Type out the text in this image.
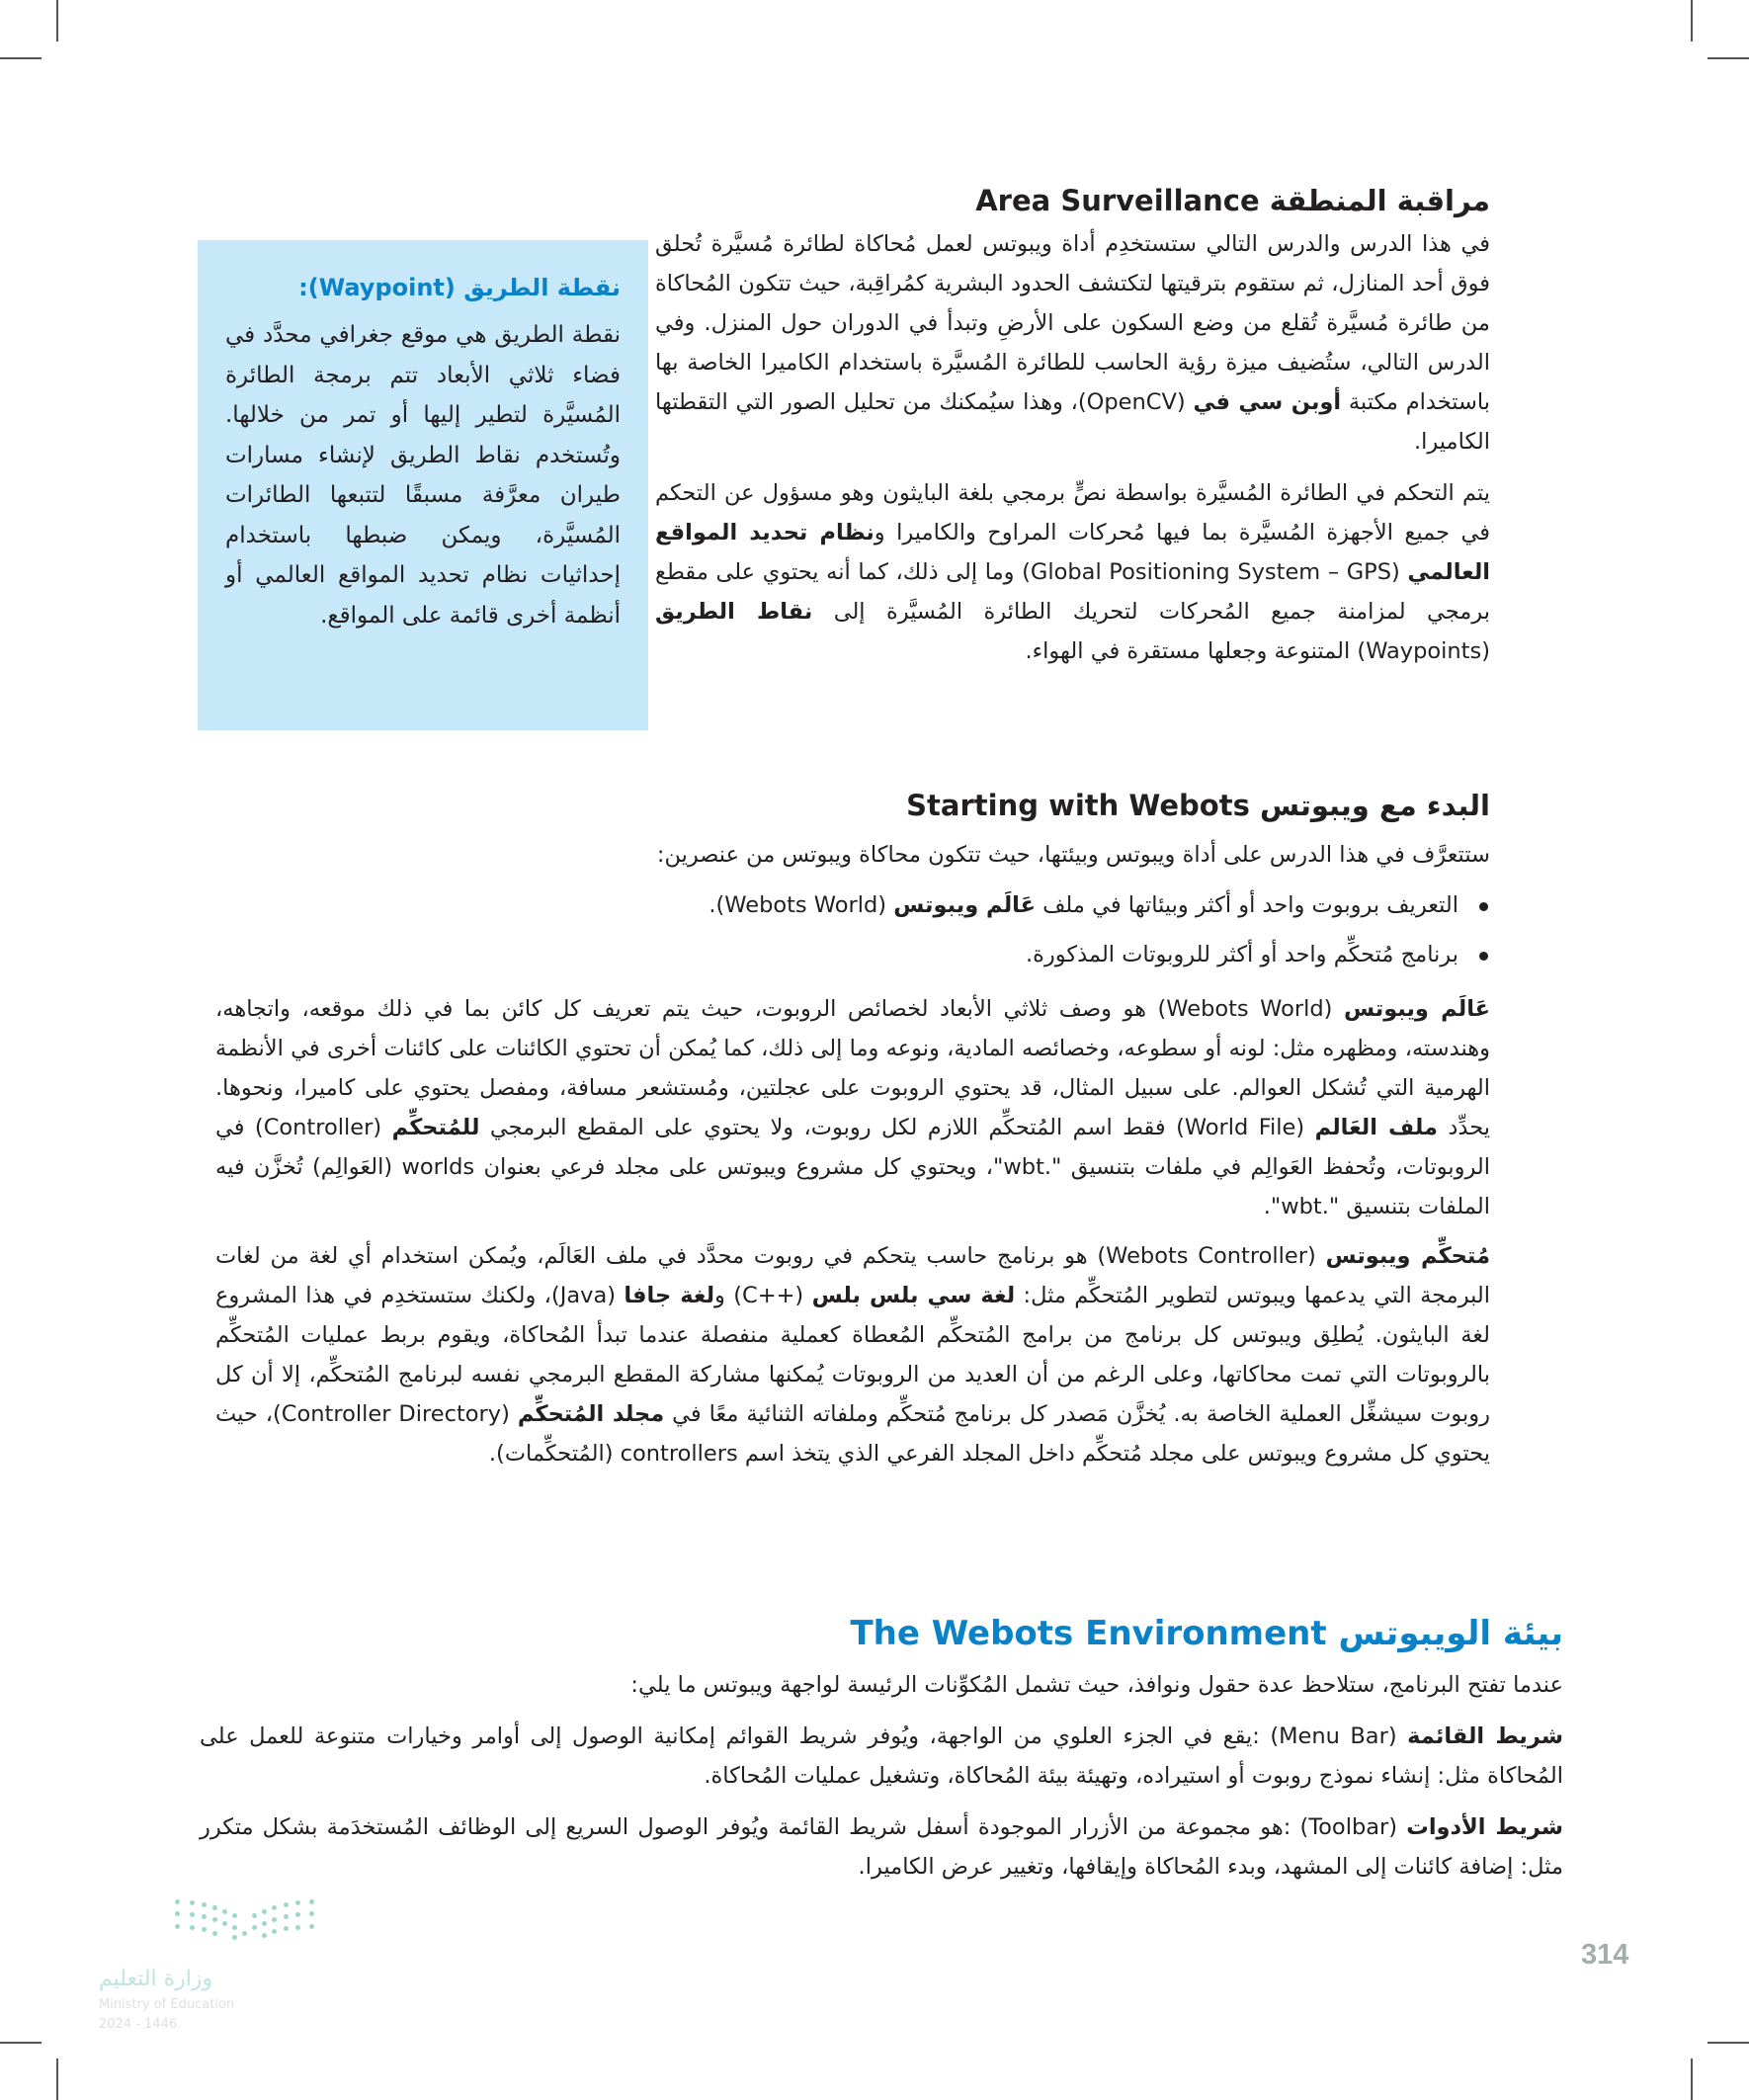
مراقبة المنطقة Area Surveillance

في هذا الدرس والدرس التالي ستستخدِم أداة ويبوتس لعمل مُحاكاة لطائرة مُسيَّرة تُحلق فوق أحد المنازل، ثم ستقوم بترقيتها لتكتشف الحدود البشرية كمُراقِبة، حيث تتكون المُحاكاة من طائرة مُسيَّرة تُقلع من وضع السكون على الأرضِ وتبدأ في الدوران حول المنزل. وفي الدرس التالي، ستُضيف ميزة رؤية الحاسب للطائرة المُسيَّرة باستخدام الكاميرا الخاصة بها باستخدام مكتبة أوبن سي في (OpenCV)، وهذا سيُمكنك من تحليل الصور التي التقطتها الكاميرا.

يتم التحكم في الطائرة المُسيَّرة بواسطة نصٍّ برمجي بلغة البايثون وهو مسؤول عن التحكم في جميع الأجهزة المُسيَّرة بما فيها مُحركات المراوح والكاميرا ونظام تحديد المواقع العالمي (Global Positioning System – GPS) وما إلى ذلك، كما أنه يحتوي على مقطع برمجي لمزامنة جميع المُحركات لتحريك الطائرة المُسيَّرة إلى نقاط الطريق (Waypoints) المتنوعة وجعلها مستقرة في الهواء.

نقطة الطريق (Waypoint):

نقطة الطريق هي موقع جغرافي محدَّد في فضاء ثلاثي الأبعاد تتم برمجة الطائرة المُسيَّرة لتطير إليها أو تمر من خلالها. وتُستخدم نقاط الطريق لإنشاء مسارات طيران معرَّفة مسبقًا لتتبعها الطائرات المُسيَّرة، ويمكن ضبطها باستخدام إحداثيات نظام تحديد المواقع العالمي أو أنظمة أخرى قائمة على المواقع.

البدء مع ويبوتس Starting with Webots

ستتعرَّف في هذا الدرس على أداة ويبوتس وبيئتها، حيث تتكون محاكاة ويبوتس من عنصرين:

التعريف بروبوت واحد أو أكثر وبيئاتها في ملف عَالَم ويبوتس (Webots World).
برنامج مُتحكِّم واحد أو أكثر للروبوتات المذكورة.

عَالَم ويبوتس (Webots World) هو وصف ثلاثي الأبعاد لخصائص الروبوت، حيث يتم تعريف كل كائن بما في ذلك موقعه، واتجاهه، وهندسته، ومظهره مثل: لونه أو سطوعه، وخصائصه المادية، ونوعه وما إلى ذلك، كما يُمكن أن تحتوي الكائنات على كائنات أخرى في الأنظمة الهرمية التي تُشكل العوالم. على سبيل المثال، قد يحتوي الروبوت على عجلتين، ومُستشعر مسافة، ومفصل يحتوي على كاميرا، ونحوها. يحدِّد ملف العَالم (World File) فقط اسم المُتحكِّم اللازم لكل روبوت، ولا يحتوي على المقطع البرمجي للمُتحكِّم (Controller) في الروبوتات، وتُحفظ العَوالِم في ملفات بتنسيق ".wbt"، ويحتوي كل مشروع ويبوتس على مجلد فرعي بعنوان worlds (العَوالِم) تُخزَّن فيه الملفات بتنسيق ".wbt".

مُتحكِّم ويبوتس (Webots Controller) هو برنامج حاسب يتحكم في روبوت محدَّد في ملف العَالَم، ويُمكن استخدام أي لغة من لغات البرمجة التي يدعمها ويبوتس لتطوير المُتحكِّم مثل: لغة سي بلس بلس (C++) ولغة جافا (Java)، ولكنك ستستخدِم في هذا المشروع لغة البايثون. يُطلِق ويبوتس كل برنامج من برامج المُتحكِّم المُعطاة كعملية منفصلة عندما تبدأ المُحاكاة، ويقوم بربط عمليات المُتحكِّم بالروبوتات التي تمت محاكاتها، وعلى الرغم من أن العديد من الروبوتات يُمكنها مشاركة المقطع البرمجي نفسه لبرنامج المُتحكِّم، إلا أن كل روبوت سيشغِّل العملية الخاصة به. يُخزَّن مَصدر كل برنامج مُتحكِّم وملفاته الثنائية معًا في مجلد المُتحكِّم (Controller Directory)، حيث يحتوي كل مشروع ويبوتس على مجلد مُتحكِّم داخل المجلد الفرعي الذي يتخذ اسم controllers (المُتحكِّمات).

بيئة الويبوتس The Webots Environment

عندما تفتح البرنامج، ستلاحظ عدة حقول ونوافذ، حيث تشمل المُكوِّنات الرئيسة لواجهة ويبوتس ما يلي:

شريط القائمة (Menu Bar) :يقع في الجزء العلوي من الواجهة، ويُوفر شريط القوائم إمكانية الوصول إلى أوامر وخيارات متنوعة للعمل على المُحاكاة مثل: إنشاء نموذج روبوت أو استيراده، وتهيئة بيئة المُحاكاة، وتشغيل عمليات المُحاكاة.

شريط الأدوات (Toolbar) :هو مجموعة من الأزرار الموجودة أسفل شريط القائمة ويُوفر الوصول السريع إلى الوظائف المُستخدَمة بشكل متكرر مثل: إضافة كائنات إلى المشهد، وبدء المُحاكاة وإيقافها، وتغيير عرض الكاميرا.

وزارة التعليم
Ministry of Education
2024 - 1446
314
